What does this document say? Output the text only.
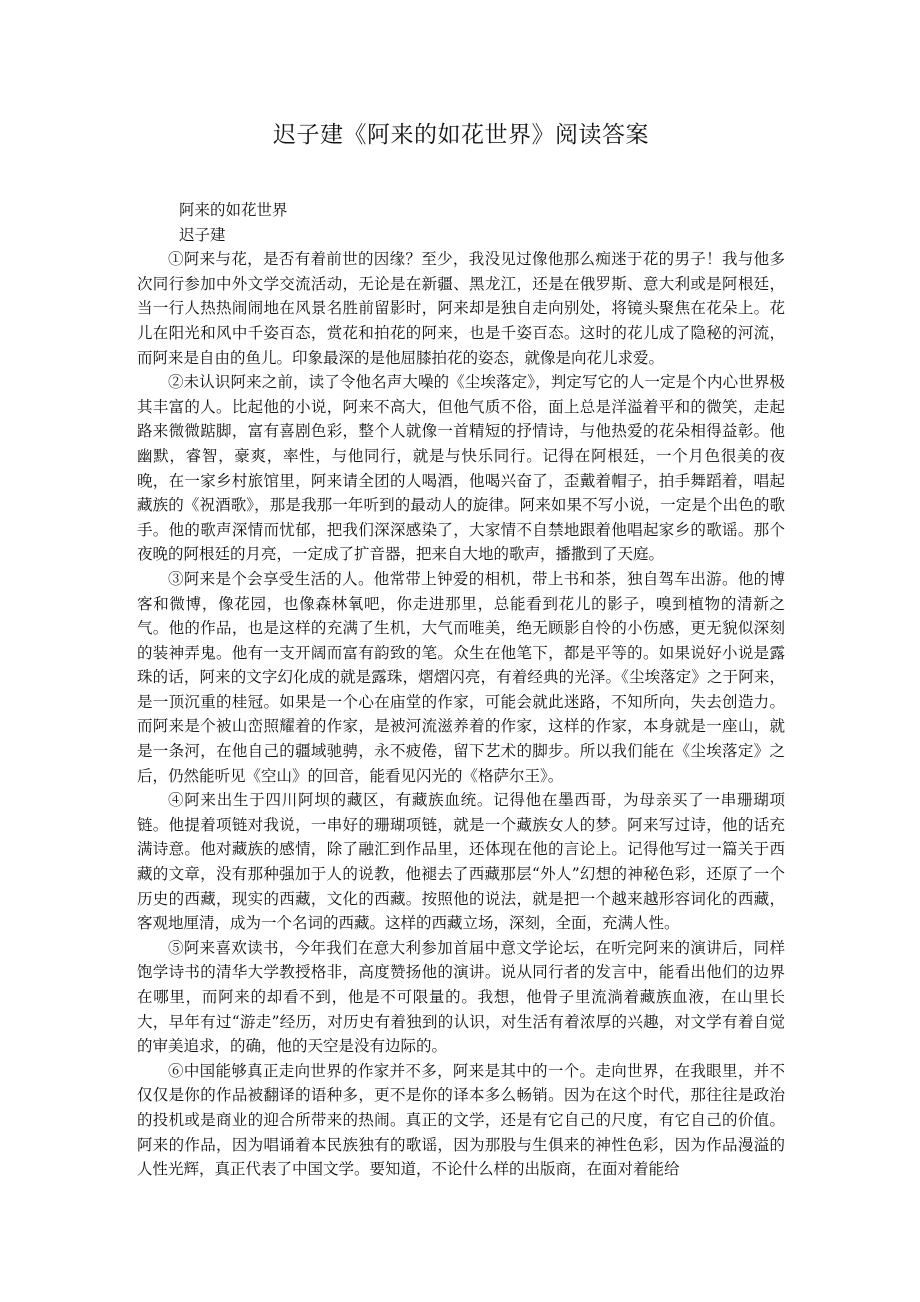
迟子建《阿来的如花世界》阅读答案

阿来的如花世界

迟子建

①阿来与花，是否有着前世的因缘？至少，我没见过像他那么痴迷于花的男子！我与他多次同行参加中外文学交流活动，无论是在新疆、黑龙江，还是在俄罗斯、意大利或是阿根廷，当一行人热热闹闹地在风景名胜前留影时，阿来却是独自走向别处，将镜头聚焦在花朵上。花儿在阳光和风中千姿百态，赏花和拍花的阿来，也是千姿百态。这时的花儿成了隐秘的河流，而阿来是自由的鱼儿。印象最深的是他屈膝拍花的姿态，就像是向花儿求爱。

②未认识阿来之前，读了令他名声大噪的《尘埃落定》，判定写它的人一定是个内心世界极其丰富的人。比起他的小说，阿来不高大，但他气质不俗，面上总是洋溢着平和的微笑，走起路来微微踮脚，富有喜剧色彩，整个人就像一首精短的抒情诗，与他热爱的花朵相得益彰。他幽默，睿智，豪爽，率性，与他同行，就是与快乐同行。记得在阿根廷，一个月色很美的夜晚，在一家乡村旅馆里，阿来请全团的人喝酒，他喝兴奋了，歪戴着帽子，拍手舞蹈着，唱起藏族的《祝酒歌》，那是我那一年听到的最动人的旋律。阿来如果不写小说，一定是个出色的歌手。他的歌声深情而忧郁，把我们深深感染了，大家情不自禁地跟着他唱起家乡的歌谣。那个夜晚的阿根廷的月亮，一定成了扩音器，把来自大地的歌声，播撒到了天庭。

③阿来是个会享受生活的人。他常带上钟爱的相机，带上书和茶，独自驾车出游。他的博客和微博，像花园，也像森林氧吧，你走进那里，总能看到花儿的影子，嗅到植物的清新之气。他的作品，也是这样的充满了生机，大气而唯美，绝无顾影自怜的小伤感，更无貌似深刻的装神弄鬼。他有一支开阔而富有韵致的笔。众生在他笔下，都是平等的。如果说好小说是露珠的话，阿来的文字幻化成的就是露珠，熠熠闪亮，有着经典的光泽。《尘埃落定》之于阿来，是一顶沉重的桂冠。如果是一个心在庙堂的作家，可能会就此迷路，不知所向，失去创造力。而阿来是个被山峦照耀着的作家，是被河流滋养着的作家，这样的作家，本身就是一座山，就是一条河，在他自己的疆域驰骋，永不疲倦，留下艺术的脚步。所以我们能在《尘埃落定》之后，仍然能听见《空山》的回音，能看见闪光的《格萨尔王》。

④阿来出生于四川阿坝的藏区，有藏族血统。记得他在墨西哥，为母亲买了一串珊瑚项链。他提着项链对我说，一串好的珊瑚项链，就是一个藏族女人的梦。阿来写过诗，他的话充满诗意。他对藏族的感情，除了融汇到作品里，还体现在他的言论上。记得他写过一篇关于西藏的文章，没有那种强加于人的说教，他褪去了西藏那层“外人”幻想的神秘色彩，还原了一个历史的西藏，现实的西藏，文化的西藏。按照他的说法，就是把一个越来越形容词化的西藏，客观地厘清，成为一个名词的西藏。这样的西藏立场，深刻，全面，充满人性。

⑤阿来喜欢读书，今年我们在意大利参加首届中意文学论坛，在听完阿来的演讲后，同样饱学诗书的清华大学教授格非，高度赞扬他的演讲。说从同行者的发言中，能看出他们的边界在哪里，而阿来的却看不到，他是不可限量的。我想，他骨子里流淌着藏族血液，在山里长大，早年有过“游走”经历，对历史有着独到的认识，对生活有着浓厚的兴趣，对文学有着自觉的审美追求，的确，他的天空是没有边际的。

⑥中国能够真正走向世界的作家并不多，阿来是其中的一个。走向世界，在我眼里，并不仅仅是你的作品被翻译的语种多，更不是你的译本多么畅销。因为在这个时代，那往往是政治的投机或是商业的迎合所带来的热闹。真正的文学，还是有它自己的尺度，有它自己的价值。阿来的作品，因为唱诵着本民族独有的歌谣，因为那股与生俱来的神性色彩，因为作品漫溢的人性光辉，真正代表了中国文学。要知道，不论什么样的出版商，在面对着能给
